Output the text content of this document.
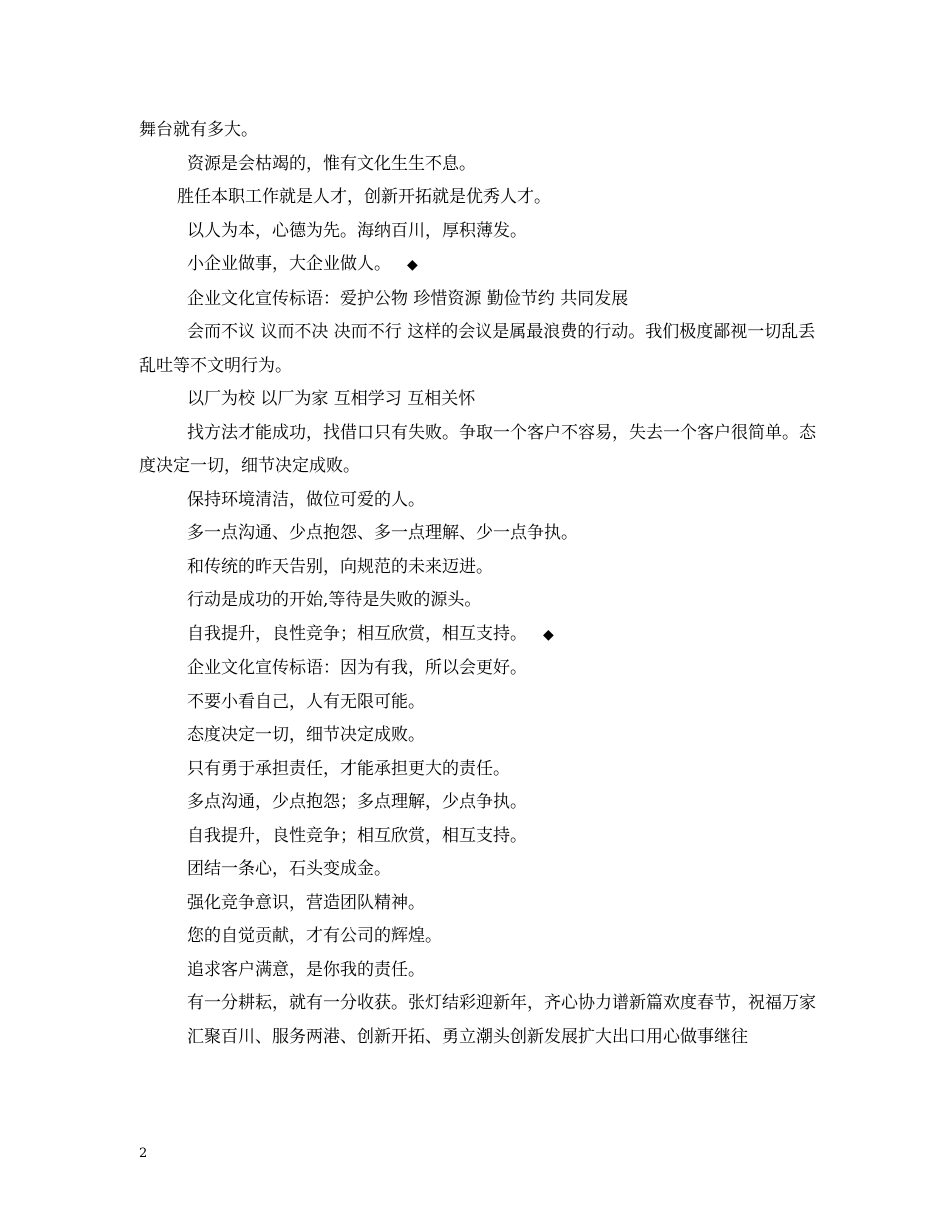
舞台就有多大。

资源是会枯竭的，惟有文化生生不息。

胜任本职工作就是人才，创新开拓就是优秀人才。

以人为本，心德为先。海纳百川，厚积薄发。

小企业做事，大企业做人。 ◆

企业文化宣传标语：爱护公物 珍惜资源 勤俭节约 共同发展

会而不议 议而不决 决而不行 这样的会议是属最浪费的行动。我们极度鄙视一切乱丢乱吐等不文明行为。

以厂为校 以厂为家 互相学习 互相关怀

找方法才能成功，找借口只有失败。争取一个客户不容易，失去一个客户很简单。态度决定一切，细节决定成败。

保持环境清洁，做位可爱的人。

多一点沟通、少点抱怨、多一点理解、少一点争执。

和传统的昨天告别，向规范的未来迈进。

行动是成功的开始,等待是失败的源头。

自我提升，良性竞争；相互欣赏，相互支持。 ◆

企业文化宣传标语：因为有我，所以会更好。

不要小看自己，人有无限可能。

态度决定一切，细节决定成败。

只有勇于承担责任，才能承担更大的责任。

多点沟通，少点抱怨；多点理解，少点争执。

自我提升，良性竞争；相互欣赏，相互支持。

团结一条心，石头变成金。

强化竞争意识，营造团队精神。

您的自觉贡献，才有公司的辉煌。

追求客户满意，是你我的责任。

有一分耕耘，就有一分收获。张灯结彩迎新年，齐心协力谱新篇欢度春节，祝福万家

汇聚百川、服务两港、创新开拓、勇立潮头创新发展扩大出口用心做事继往

2
